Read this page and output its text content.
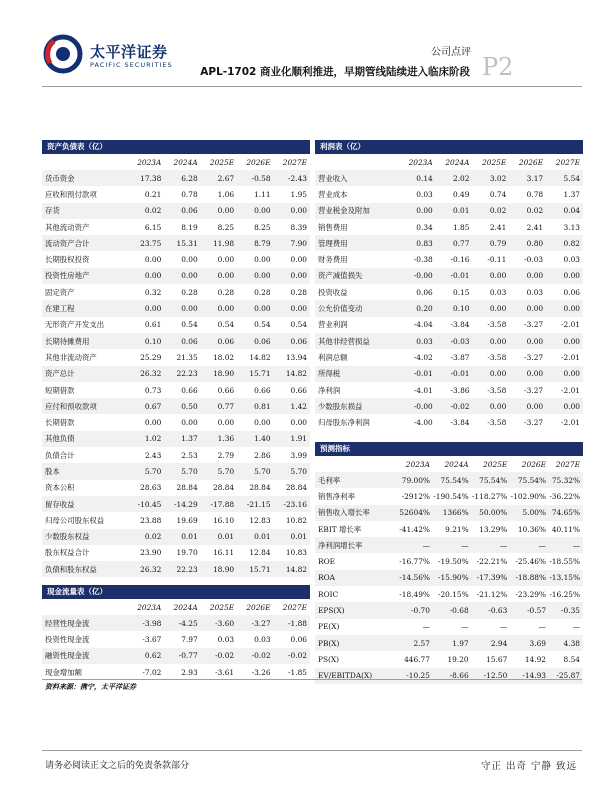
太平洋证券
PACIFIC SECURITIES
公司点评
APL-1702 商业化顺利推进，早期管线陆续进入临床阶段 P2
资产负债表（亿）
	2023A	2024A	2025E	2026E	2027E
货币资金	17.38	6.28	2.67	-0.58	-2.43
应收和预付款项	0.21	0.78	1.06	1.11	1.95
存货	0.02	0.06	0.00	0.00	0.00
其他流动资产	6.15	8.19	8.25	8.25	8.39
流动资产合计	23.75	15.31	11.98	8.79	7.90
长期股权投资	0.00	0.00	0.00	0.00	0.00
投资性房地产	0.00	0.00	0.00	0.00	0.00
固定资产	0.32	0.28	0.28	0.28	0.28
在建工程	0.00	0.00	0.00	0.00	0.00
无形资产开发支出	0.61	0.54	0.54	0.54	0.54
长期待摊费用	0.10	0.06	0.06	0.06	0.06
其他非流动资产	25.29	21.35	18.02	14.82	13.94
资产总计	26.32	22.23	18.90	15.71	14.82
短期借款	0.73	0.66	0.66	0.66	0.66
应付和预收款项	0.67	0.50	0.77	0.81	1.42
长期借款	0.00	0.00	0.00	0.00	0.00
其他负债	1.02	1.37	1.36	1.40	1.91
负债合计	2.43	2.53	2.79	2.86	3.99
股本	5.70	5.70	5.70	5.70	5.70
资本公积	28.63	28.84	28.84	28.84	28.84
留存收益	-10.45	-14.29	-17.88	-21.15	-23.16
归母公司股东权益	23.88	19.69	16.10	12.83	10.82
少数股东权益	0.02	0.01	0.01	0.01	0.01
股东权益合计	23.90	19.70	16.11	12.84	10.83
负债和股东权益	26.32	22.23	18.90	15.71	14.82
现金流量表（亿）
	2023A	2024A	2025E	2026E	2027E
经营性现金流	-3.98	-4.25	-3.60	-3.27	-1.88
投资性现金流	-3.67	7.97	0.03	0.03	0.06
融资性现金流	0.62	-0.77	-0.02	-0.02	-0.02
现金增加额	-7.02	2.93	-3.61	-3.26	-1.85
利润表（亿）
	2023A	2024A	2025E	2026E	2027E
营业收入	0.14	2.02	3.02	3.17	5.54
营业成本	0.03	0.49	0.74	0.78	1.37
营业税金及附加	0.00	0.01	0.02	0.02	0.04
销售费用	0.34	1.85	2.41	2.41	3.13
管理费用	0.83	0.77	0.79	0.80	0.82
财务费用	-0.38	-0.16	-0.11	-0.03	0.03
资产减值损失	-0.00	-0.01	0.00	0.00	0.00
投资收益	0.06	0.15	0.03	0.03	0.06
公允价值变动	0.20	0.10	0.00	0.00	0.00
营业利润	-4.04	-3.84	-3.58	-3.27	-2.01
其他非经营损益	0.03	-0.03	0.00	0.00	0.00
利润总额	-4.02	-3.87	-3.58	-3.27	-2.01
所得税	-0.01	-0.01	0.00	0.00	0.00
净利润	-4.01	-3.86	-3.58	-3.27	-2.01
少数股东损益	-0.00	-0.02	0.00	0.00	0.00
归母股东净利润	-4.00	-3.84	-3.58	-3.27	-2.01
预测指标
	2023A	2024A	2025E	2026E	2027E
毛利率	79.00%	75.54%	75.54%	75.54%	75.32%
销售净利率	-2912%	-190.54%	-118.27%	-102.90%	-36.22%
销售收入增长率	52604%	1366%	50.00%	5.00%	74.65%
EBIT 增长率	-41.42%	9.21%	13.29%	10.36%	40.11%
净利润增长率	—	—	—	—	—
ROE	-16.77%	-19.50%	-22.21%	-25.46%	-18.55%
ROA	-14.56%	-15.90%	-17.39%	-18.88%	-13.15%
ROIC	-18.49%	-20.15%	-21.12%	-23.29%	-16.25%
EPS(X)	-0.70	-0.68	-0.63	-0.57	-0.35
PE(X)	—	—	—	—	—
PB(X)	2.57	1.97	2.94	3.69	4.38
PS(X)	446.77	19.20	15.67	14.92	8.54
EV/EBITDA(X)	-10.25	-8.66	-12.50	-14.93	-25.87
资料来源：携宁，太平洋证券
请务必阅读正文之后的免责条款部分	守正 出奇 宁静 致远
